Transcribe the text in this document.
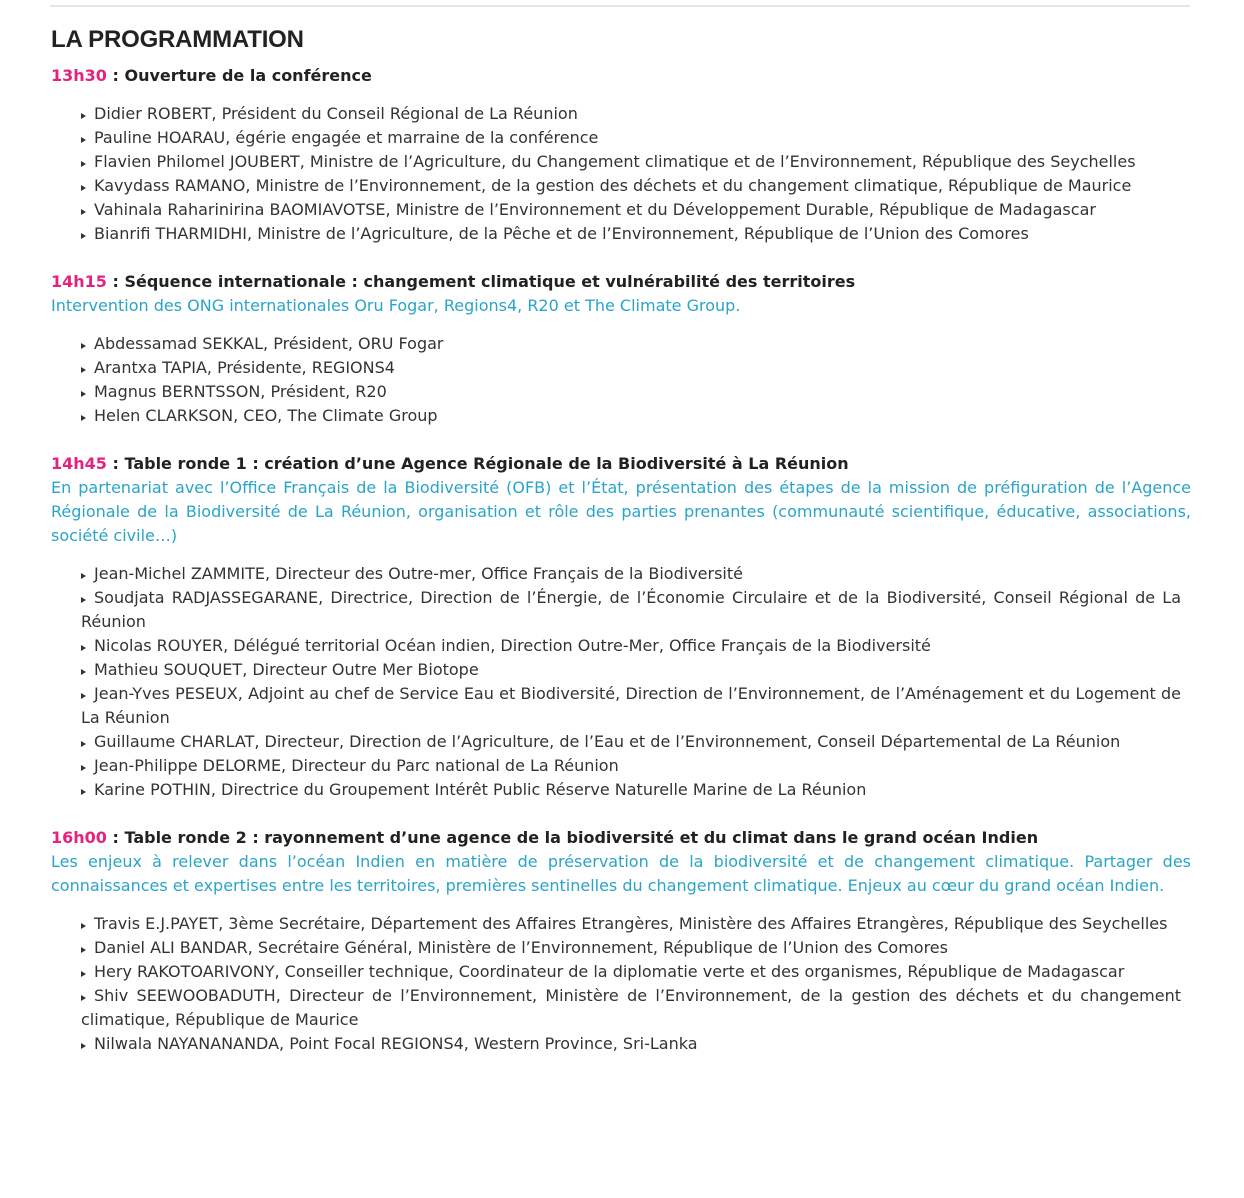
LA PROGRAMMATION
13h30 : Ouverture de la conférence
Didier ROBERT, Président du Conseil Régional de La Réunion
Pauline HOARAU, égérie engagée et marraine de la conférence
Flavien Philomel JOUBERT, Ministre de l’Agriculture, du Changement climatique et de l’Environnement, République des Seychelles
Kavydass RAMANO, Ministre de l’Environnement, de la gestion des déchets et du changement climatique, République de Maurice
Vahinala Raharinirina BAOMIAVOTSE, Ministre de l’Environnement et du Développement Durable, République de Madagascar
Bianrifi THARMIDHI, Ministre de l’Agriculture, de la Pêche et de l’Environnement, République de l’Union des Comores
14h15 : Séquence internationale : changement climatique et vulnérabilité des territoires
Intervention des ONG internationales Oru Fogar, Regions4, R20 et The Climate Group.
Abdessamad SEKKAL, Président, ORU Fogar
Arantxa TAPIA, Présidente, REGIONS4
Magnus BERNTSSON, Président, R20
Helen CLARKSON, CEO, The Climate Group
14h45 : Table ronde 1 : création d’une Agence Régionale de la Biodiversité à La Réunion
En partenariat avec l’Office Français de la Biodiversité (OFB) et l’État, présentation des étapes de la mission de préfiguration de l’Agence Régionale de la Biodiversité de La Réunion, organisation et rôle des parties prenantes (communauté scientifique, éducative, associations, société civile…)
Jean-Michel ZAMMITE, Directeur des Outre-mer, Office Français de la Biodiversité
Soudjata RADJASSEGARANE, Directrice, Direction de l’Énergie, de l’Économie Circulaire et de la Biodiversité, Conseil Régional de La Réunion
Nicolas ROUYER, Délégué territorial Océan indien, Direction Outre-Mer, Office Français de la Biodiversité
Mathieu SOUQUET, Directeur Outre Mer Biotope
Jean-Yves PESEUX, Adjoint au chef de Service Eau et Biodiversité, Direction de l’Environnement, de l’Aménagement et du Logement de La Réunion
Guillaume CHARLAT, Directeur, Direction de l’Agriculture, de l’Eau et de l’Environnement, Conseil Départemental de La Réunion
Jean-Philippe DELORME, Directeur du Parc national de La Réunion
Karine POTHIN, Directrice du Groupement Intérêt Public Réserve Naturelle Marine de La Réunion
16h00 : Table ronde 2 : rayonnement d’une agence de la biodiversité et du climat dans le grand océan Indien
Les enjeux à relever dans l’océan Indien en matière de préservation de la biodiversité et de changement climatique. Partager des connaissances et expertises entre les territoires, premières sentinelles du changement climatique. Enjeux au cœur du grand océan Indien.
Travis E.J.PAYET, 3ème Secrétaire, Département des Affaires Etrangères, Ministère des Affaires Etrangères, République des Seychelles
Daniel ALI BANDAR, Secrétaire Général, Ministère de l’Environnement, République de l’Union des Comores
Hery RAKOTOARIVONY, Conseiller technique, Coordinateur de la diplomatie verte et des organismes, République de Madagascar
Shiv SEEWOOBADUTH, Directeur de l’Environnement, Ministère de l’Environnement, de la gestion des déchets et du changement climatique, République de Maurice
Nilwala NAYANANANDA, Point Focal REGIONS4, Western Province, Sri-Lanka
